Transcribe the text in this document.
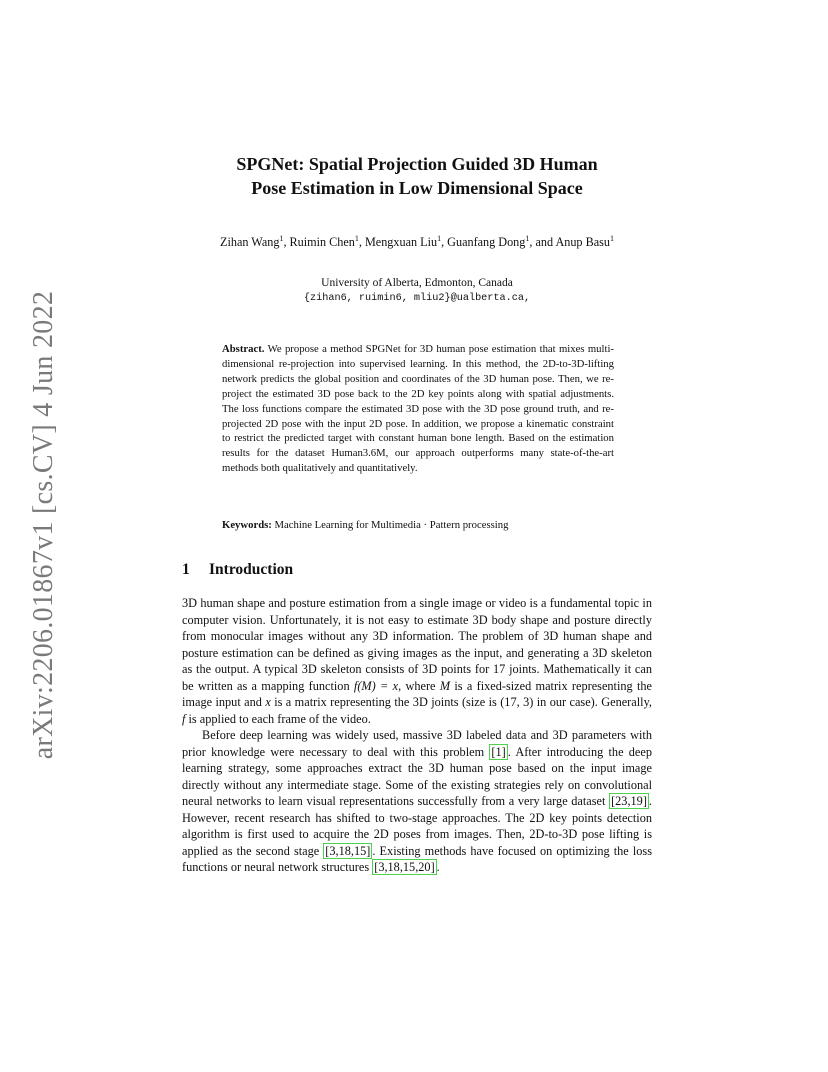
arXiv:2206.01867v1 [cs.CV] 4 Jun 2022
SPGNet: Spatial Projection Guided 3D Human
Pose Estimation in Low Dimensional Space
Zihan Wang$^1$, Ruimin Chen$^1$, Mengxuan Liu$^1$, Guanfang Dong$^1$, and Anup Basu$^1$
University of Alberta, Edmonton, Canada
{zihan6, ruimin6, mliu2}@ualberta.ca,
Abstract. We propose a method SPGNet for 3D human pose estimation that mixes multi-dimensional re-projection into supervised learning. In this method, the 2D-to-3D-lifting network predicts the global position and coordinates of the 3D human pose. Then, we re-project the estimated 3D pose back to the 2D key points along with spatial adjustments. The loss functions compare the estimated 3D pose with the 3D pose ground truth, and re-projected 2D pose with the input 2D pose. In addition, we propose a kinematic constraint to restrict the predicted target with constant human bone length. Based on the estimation results for the dataset Human3.6M, our approach outperforms many state-of-the-art methods both qualitatively and quantitatively.
Keywords: Machine Learning for Multimedia · Pattern processing
1 Introduction

3D human shape and posture estimation from a single image or video is a fundamental topic in computer vision. Unfortunately, it is not easy to estimate 3D body shape and posture directly from monocular images without any 3D information. The problem of 3D human shape and posture estimation can be defined as giving images as the input, and generating a 3D skeleton as the output. A typical 3D skeleton consists of 3D points for 17 joints. Mathematically it can be written as a mapping function f(M) = x, where M is a fixed-sized matrix representing the image input and x is a matrix representing the 3D joints (size is (17, 3) in our case). Generally, f is applied to each frame of the video.

Before deep learning was widely used, massive 3D labeled data and 3D parameters with prior knowledge were necessary to deal with this problem [1] . After introducing the deep learning strategy, some approaches extract the 3D human pose based on the input image directly without any intermediate stage. Some of the existing strategies rely on convolutional neural networks to learn visual representations successfully from a very large dataset [23,19] . However, recent research has shifted to two-stage approaches. The 2D key points detection algorithm is first used to acquire the 2D poses from images. Then, 2D-to-3D pose lifting is applied as the second stage [3,18,15] . Existing methods have focused on optimizing the loss functions or neural network structures [3,18,15,20] .
